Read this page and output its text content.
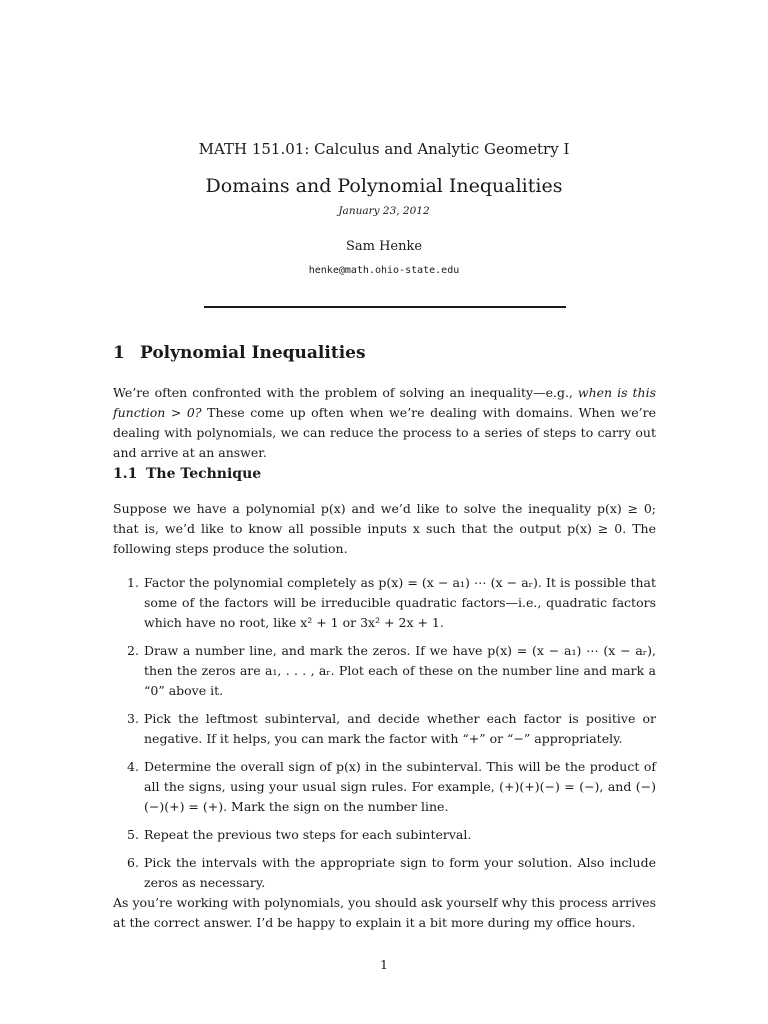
MATH 151.01: Calculus and Analytic Geometry I
Domains and Polynomial Inequalities
January 23, 2012
Sam Henke
henke@math.ohio-state.edu
1 Polynomial Inequalities
We’re often confronted with the problem of solving an inequality—e.g., when is this function > 0? These come up often when we’re dealing with domains. When we’re dealing with polynomials, we can reduce the process to a series of steps to carry out and arrive at an answer.
1.1 The Technique
Suppose we have a polynomial p(x) and we’d like to solve the inequality p(x) ≥ 0; that is, we’d like to know all possible inputs x such that the output p(x) ≥ 0. The following steps produce the solution.
1. Factor the polynomial completely as p(x) = (x − a₁) ⋯ (x − aᵣ). It is possible that some of the factors will be irreducible quadratic factors—i.e., quadratic factors which have no root, like x² + 1 or 3x² + 2x + 1.
2. Draw a number line, and mark the zeros. If we have p(x) = (x − a₁) ⋯ (x − aᵣ), then the zeros are a₁, . . . , aᵣ. Plot each of these on the number line and mark a “0” above it.
3. Pick the leftmost subinterval, and decide whether each factor is positive or negative. If it helps, you can mark the factor with “+” or “−” appropriately.
4. Determine the overall sign of p(x) in the subinterval. This will be the product of all the signs, using your usual sign rules. For example, (+)(+)(−) = (−), and (−)(−)(+) = (+). Mark the sign on the number line.
5. Repeat the previous two steps for each subinterval.
6. Pick the intervals with the appropriate sign to form your solution. Also include zeros as necessary.
As you’re working with polynomials, you should ask yourself why this process arrives at the correct answer. I’d be happy to explain it a bit more during my office hours.
1
